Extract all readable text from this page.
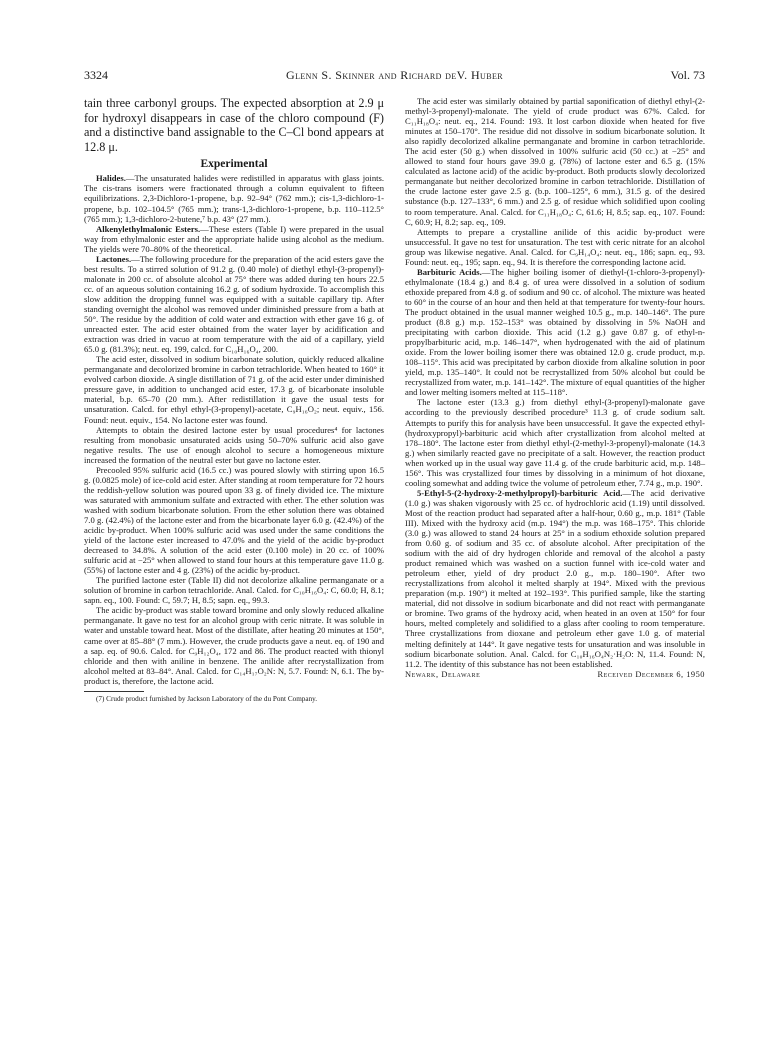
3324	Glenn S. Skinner and Richard deV. Huber	Vol. 73

tain three carbonyl groups. The expected absorption at 2.9 μ for hydroxyl disappears in case of the chloro compound (F) and a distinctive band assignable to the C–Cl bond appears at 12.8 μ.

Experimental

Halides.—The unsaturated halides were redistilled in apparatus with glass joints. The cis-trans isomers were fractionated through a column equivalent to fifteen equilibrizations. 2,3-Dichloro-1-propene, b.p. 92–94° (762 mm.); cis-1,3-dichloro-1-propene, b.p. 102–104.5° (765 mm.); trans-1,3-dichloro-1-propene, b.p. 110–112.5° (765 mm.); 1,3-dichloro-2-butene,⁷ b.p. 43° (27 mm.).

Alkenylethylmalonic Esters.—These esters (Table I) were prepared in the usual way from ethylmalonic ester and the appropriate halide using alcohol as the medium. The yields were 70–80% of the theoretical.

Lactones.—The following procedure for the preparation of the acid esters gave the best results. To a stirred solution of 91.2 g. (0.40 mole) of diethyl ethyl-(3-propenyl)-malonate in 200 cc. of absolute alcohol at 75° there was added during ten hours 22.5 cc. of an aqueous solution containing 16.2 g. of sodium hydroxide. To accomplish this slow addition the dropping funnel was equipped with a suitable capillary tip. After standing overnight the alcohol was removed under diminished pressure from a bath at 50°. The residue by the addition of cold water and extraction with ether gave 16 g. of unreacted ester. The acid ester obtained from the water layer by acidification and extraction was dried in vacuo at room temperature with the aid of a capillary, yield 65.0 g. (81.3%); neut. eq. 199, calcd. for C₁₀H₁₆O₄, 200.

The acid ester, dissolved in sodium bicarbonate solution, quickly reduced alkaline permanganate and decolorized bromine in carbon tetrachloride. When heated to 160° it evolved carbon dioxide. A single distillation of 71 g. of the acid ester under diminished pressure gave, in addition to unchanged acid ester, 17.3 g. of bicarbonate insoluble material, b.p. 65–70 (20 mm.). After redistillation it gave the usual tests for unsaturation. Calcd. for ethyl ethyl-(3-propenyl)-acetate, C₉H₁₆O₂; neut. equiv., 156. Found: neut. equiv., 154. No lactone ester was found.

Attempts to obtain the desired lactone ester by usual procedures⁴ for lactones resulting from monobasic unsaturated acids using 50–70% sulfuric acid also gave negative results. The use of enough alcohol to secure a homogeneous mixture increased the formation of the neutral ester but gave no lactone ester.

Precooled 95% sulfuric acid (16.5 cc.) was poured slowly with stirring upon 16.5 g. (0.0825 mole) of ice-cold acid ester. After standing at room temperature for 72 hours the reddish-yellow solution was poured upon 33 g. of finely divided ice. The mixture was saturated with ammonium sulfate and extracted with ether. The ether solution was washed with sodium bicarbonate solution. From the ether solution there was obtained 7.0 g. (42.4%) of the lactone ester and from the bicarbonate layer 6.0 g. (42.4%) of the acidic by-product. When 100% sulfuric acid was used under the same conditions the yield of the lactone ester increased to 47.0% and the yield of the acidic by-product decreased to 34.8%. A solution of the acid ester (0.100 mole) in 20 cc. of 100% sulfuric acid at −25° when allowed to stand four hours at this temperature gave 11.0 g. (55%) of lactone ester and 4 g. (23%) of the acidic by-product.

The purified lactone ester (Table II) did not decolorize alkaline permanganate or a solution of bromine in carbon tetrachloride. Anal. Calcd. for C₁₀H₁₆O₄: C, 60.0; H, 8.1; sapn. eq., 100. Found: C, 59.7; H, 8.5; sapn. eq., 99.3.

The acidic by-product was stable toward bromine and only slowly reduced alkaline permanganate. It gave no test for an alcohol group with ceric nitrate. It was soluble in water and unstable toward heat. Most of the distillate, after heating 20 minutes at 150°, came over at 85–88° (7 mm.). However, the crude products gave a neut. eq. of 190 and a sap. eq. of 90.6. Calcd. for C₉H₁₂O₄, 172 and 86. The product reacted with thionyl chloride and then with aniline in benzene. The anilide after recrystallization from alcohol melted at 83–84°. Anal. Calcd. for C₁₄H₁₇O₂N: N, 5.7. Found: N, 6.1. The by-product is, therefore, the lactone acid.

(7) Crude product furnished by Jackson Laboratory of the du Pont Company.

The acid ester was similarly obtained by partial saponification of diethyl ethyl-(2-methyl-3-propenyl)-malonate. The yield of crude product was 67%. Calcd. for C₁₁H₁₈O₄: neut. eq., 214. Found: 193. It lost carbon dioxide when heated for five minutes at 150–170°. The residue did not dissolve in sodium bicarbonate solution. It also rapidly decolorized alkaline permanganate and bromine in carbon tetrachloride. The acid ester (50 g.) when dissolved in 100% sulfuric acid (50 cc.) at −25° and allowed to stand four hours gave 39.0 g. (78%) of lactone ester and 6.5 g. (15% calculated as lactone acid) of the acidic by-product. Both products slowly decolorized permanganate but neither decolorized bromine in carbon tetrachloride. Distillation of the crude lactone ester gave 2.5 g. (b.p. 100–125°, 6 mm.), 31.5 g. of the desired substance (b.p. 127–133°, 6 mm.) and 2.5 g. of residue which solidified upon cooling to room temperature. Anal. Calcd. for C₁₁H₁₈O₄: C, 61.6; H, 8.5; sap. eq., 107. Found: C, 60.9; H, 8.2; sap. eq., 109.

Attempts to prepare a crystalline anilide of this acidic by-product were unsuccessful. It gave no test for unsaturation. The test with ceric nitrate for an alcohol group was likewise negative. Anal. Calcd. for C₉H₁₄O₄: neut. eq., 186; sapn. eq., 93. Found: neut. eq., 195; sapn. eq., 94. It is therefore the corresponding lactone acid.

Barbituric Acids.—The higher boiling isomer of diethyl-(1-chloro-3-propenyl)-ethylmalonate (18.4 g.) and 8.4 g. of urea were dissolved in a solution of sodium ethoxide prepared from 4.8 g. of sodium and 90 cc. of alcohol. The mixture was heated to 60° in the course of an hour and then held at that temperature for twenty-four hours. The product obtained in the usual manner weighed 10.5 g., m.p. 140–146°. The pure product (8.8 g.) m.p. 152–153° was obtained by dissolving in 5% NaOH and precipitating with carbon dioxide. This acid (1.2 g.) gave 0.87 g. of ethyl-n-propylbarbituric acid, m.p. 146–147°, when hydrogenated with the aid of platinum oxide. From the lower boiling isomer there was obtained 12.0 g. crude product, m.p. 108–115°. This acid was precipitated by carbon dioxide from alkaline solution in poor yield, m.p. 135–140°. It could not be recrystallized from 50% alcohol but could be recrystallized from water, m.p. 141–142°. The mixture of equal quantities of the higher and lower melting isomers melted at 115–118°.

The lactone ester (13.3 g.) from diethyl ethyl-(3-propenyl)-malonate gave according to the previously described procedure³ 11.3 g. of crude sodium salt. Attempts to purify this for analysis have been unsuccessful. It gave the expected ethyl-(hydroxypropyl)-barbituric acid which after crystallization from alcohol melted at 178–180°. The lactone ester from diethyl ethyl-(2-methyl-3-propenyl)-malonate (14.3 g.) when similarly reacted gave no precipitate of a salt. However, the reaction product when worked up in the usual way gave 11.4 g. of the crude barbituric acid, m.p. 148–156°. This was crystallized four times by dissolving in a minimum of hot dioxane, cooling somewhat and adding twice the volume of petroleum ether, 7.74 g., m.p. 190°.

5-Ethyl-5-(2-hydroxy-2-methylpropyl)-barbituric Acid.—The acid derivative (1.0 g.) was shaken vigorously with 25 cc. of hydrochloric acid (1.19) until dissolved. Most of the reaction product had separated after a half-hour, 0.60 g., m.p. 181° (Table III). Mixed with the hydroxy acid (m.p. 194°) the m.p. was 168–175°. This chloride (3.0 g.) was allowed to stand 24 hours at 25° in a sodium ethoxide solution prepared from 0.60 g. of sodium and 35 cc. of absolute alcohol. After precipitation of the sodium with the aid of dry hydrogen chloride and removal of the alcohol a pasty product remained which was washed on a suction funnel with ice-cold water and petroleum ether, yield of dry product 2.0 g., m.p. 180–190°. After two recrystallizations from alcohol it melted sharply at 194°. Mixed with the previous preparation (m.p. 190°) it melted at 192–193°. This purified sample, like the starting material, did not dissolve in sodium bicarbonate and did not react with permanganate or bromine. Two grams of the hydroxy acid, when heated in an oven at 150° for four hours, melted completely and solidified to a glass after cooling to room temperature. Three crystallizations from dioxane and petroleum ether gave 1.0 g. of material melting definitely at 144°. It gave negative tests for unsaturation and was insoluble in sodium bicarbonate solution. Anal. Calcd. for C₁₀H₁₆O₄N₂·H₂O: N, 11.4. Found: N, 11.2. The identity of this substance has not been established.

Newark, Delaware	Received December 6, 1950
